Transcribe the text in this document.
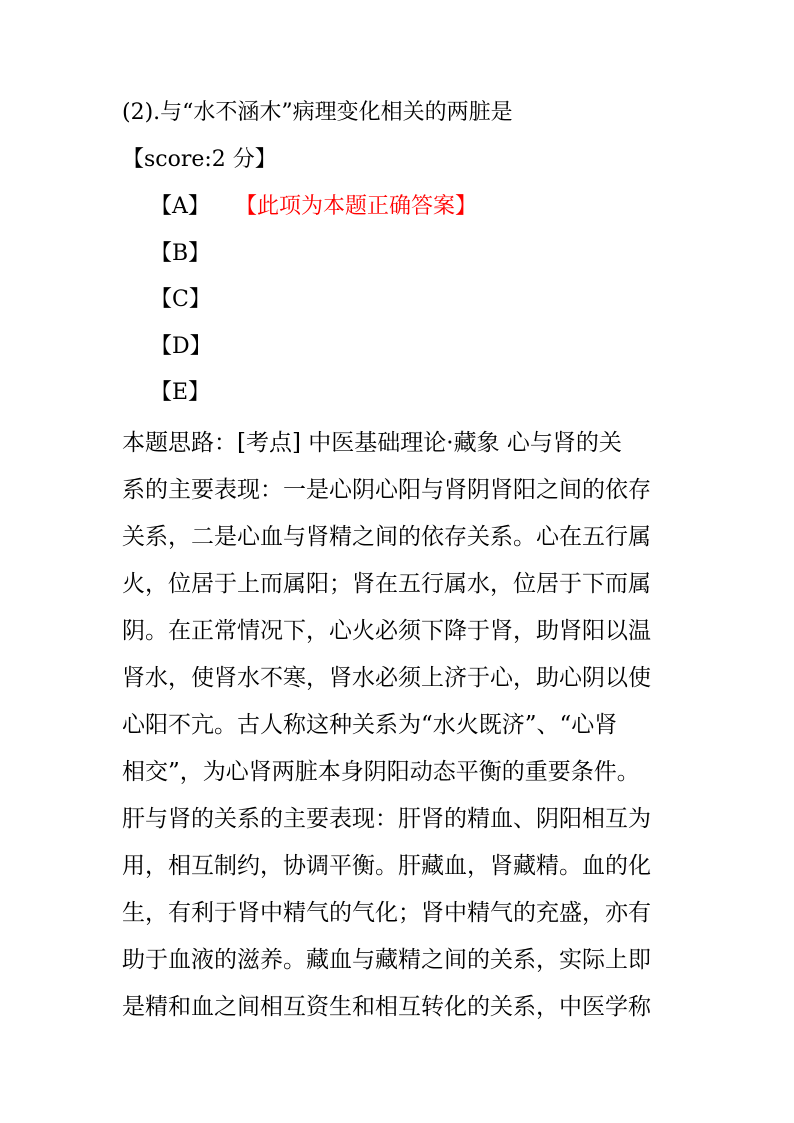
(2).与“水不涵木”病理变化相关的两脏是
【score:2 分】
【A】 【此项为本题正确答案】
【B】
【C】
【D】
【E】
本题思路：[考点] 中医基础理论·藏象 心与肾的关
系的主要表现：一是心阴心阳与肾阴肾阳之间的依存
关系，二是心血与肾精之间的依存关系。心在五行属
火，位居于上而属阳；肾在五行属水，位居于下而属
阴。在正常情况下，心火必须下降于肾，助肾阳以温
肾水，使肾水不寒，肾水必须上济于心，助心阴以使
心阳不亢。古人称这种关系为“水火既济”、“心肾
相交”，为心肾两脏本身阴阳动态平衡的重要条件。
肝与肾的关系的主要表现：肝肾的精血、阴阳相互为
用，相互制约，协调平衡。肝藏血，肾藏精。血的化
生，有利于肾中精气的气化；肾中精气的充盛，亦有
助于血液的滋养。藏血与藏精之间的关系，实际上即
是精和血之间相互资生和相互转化的关系，中医学称
